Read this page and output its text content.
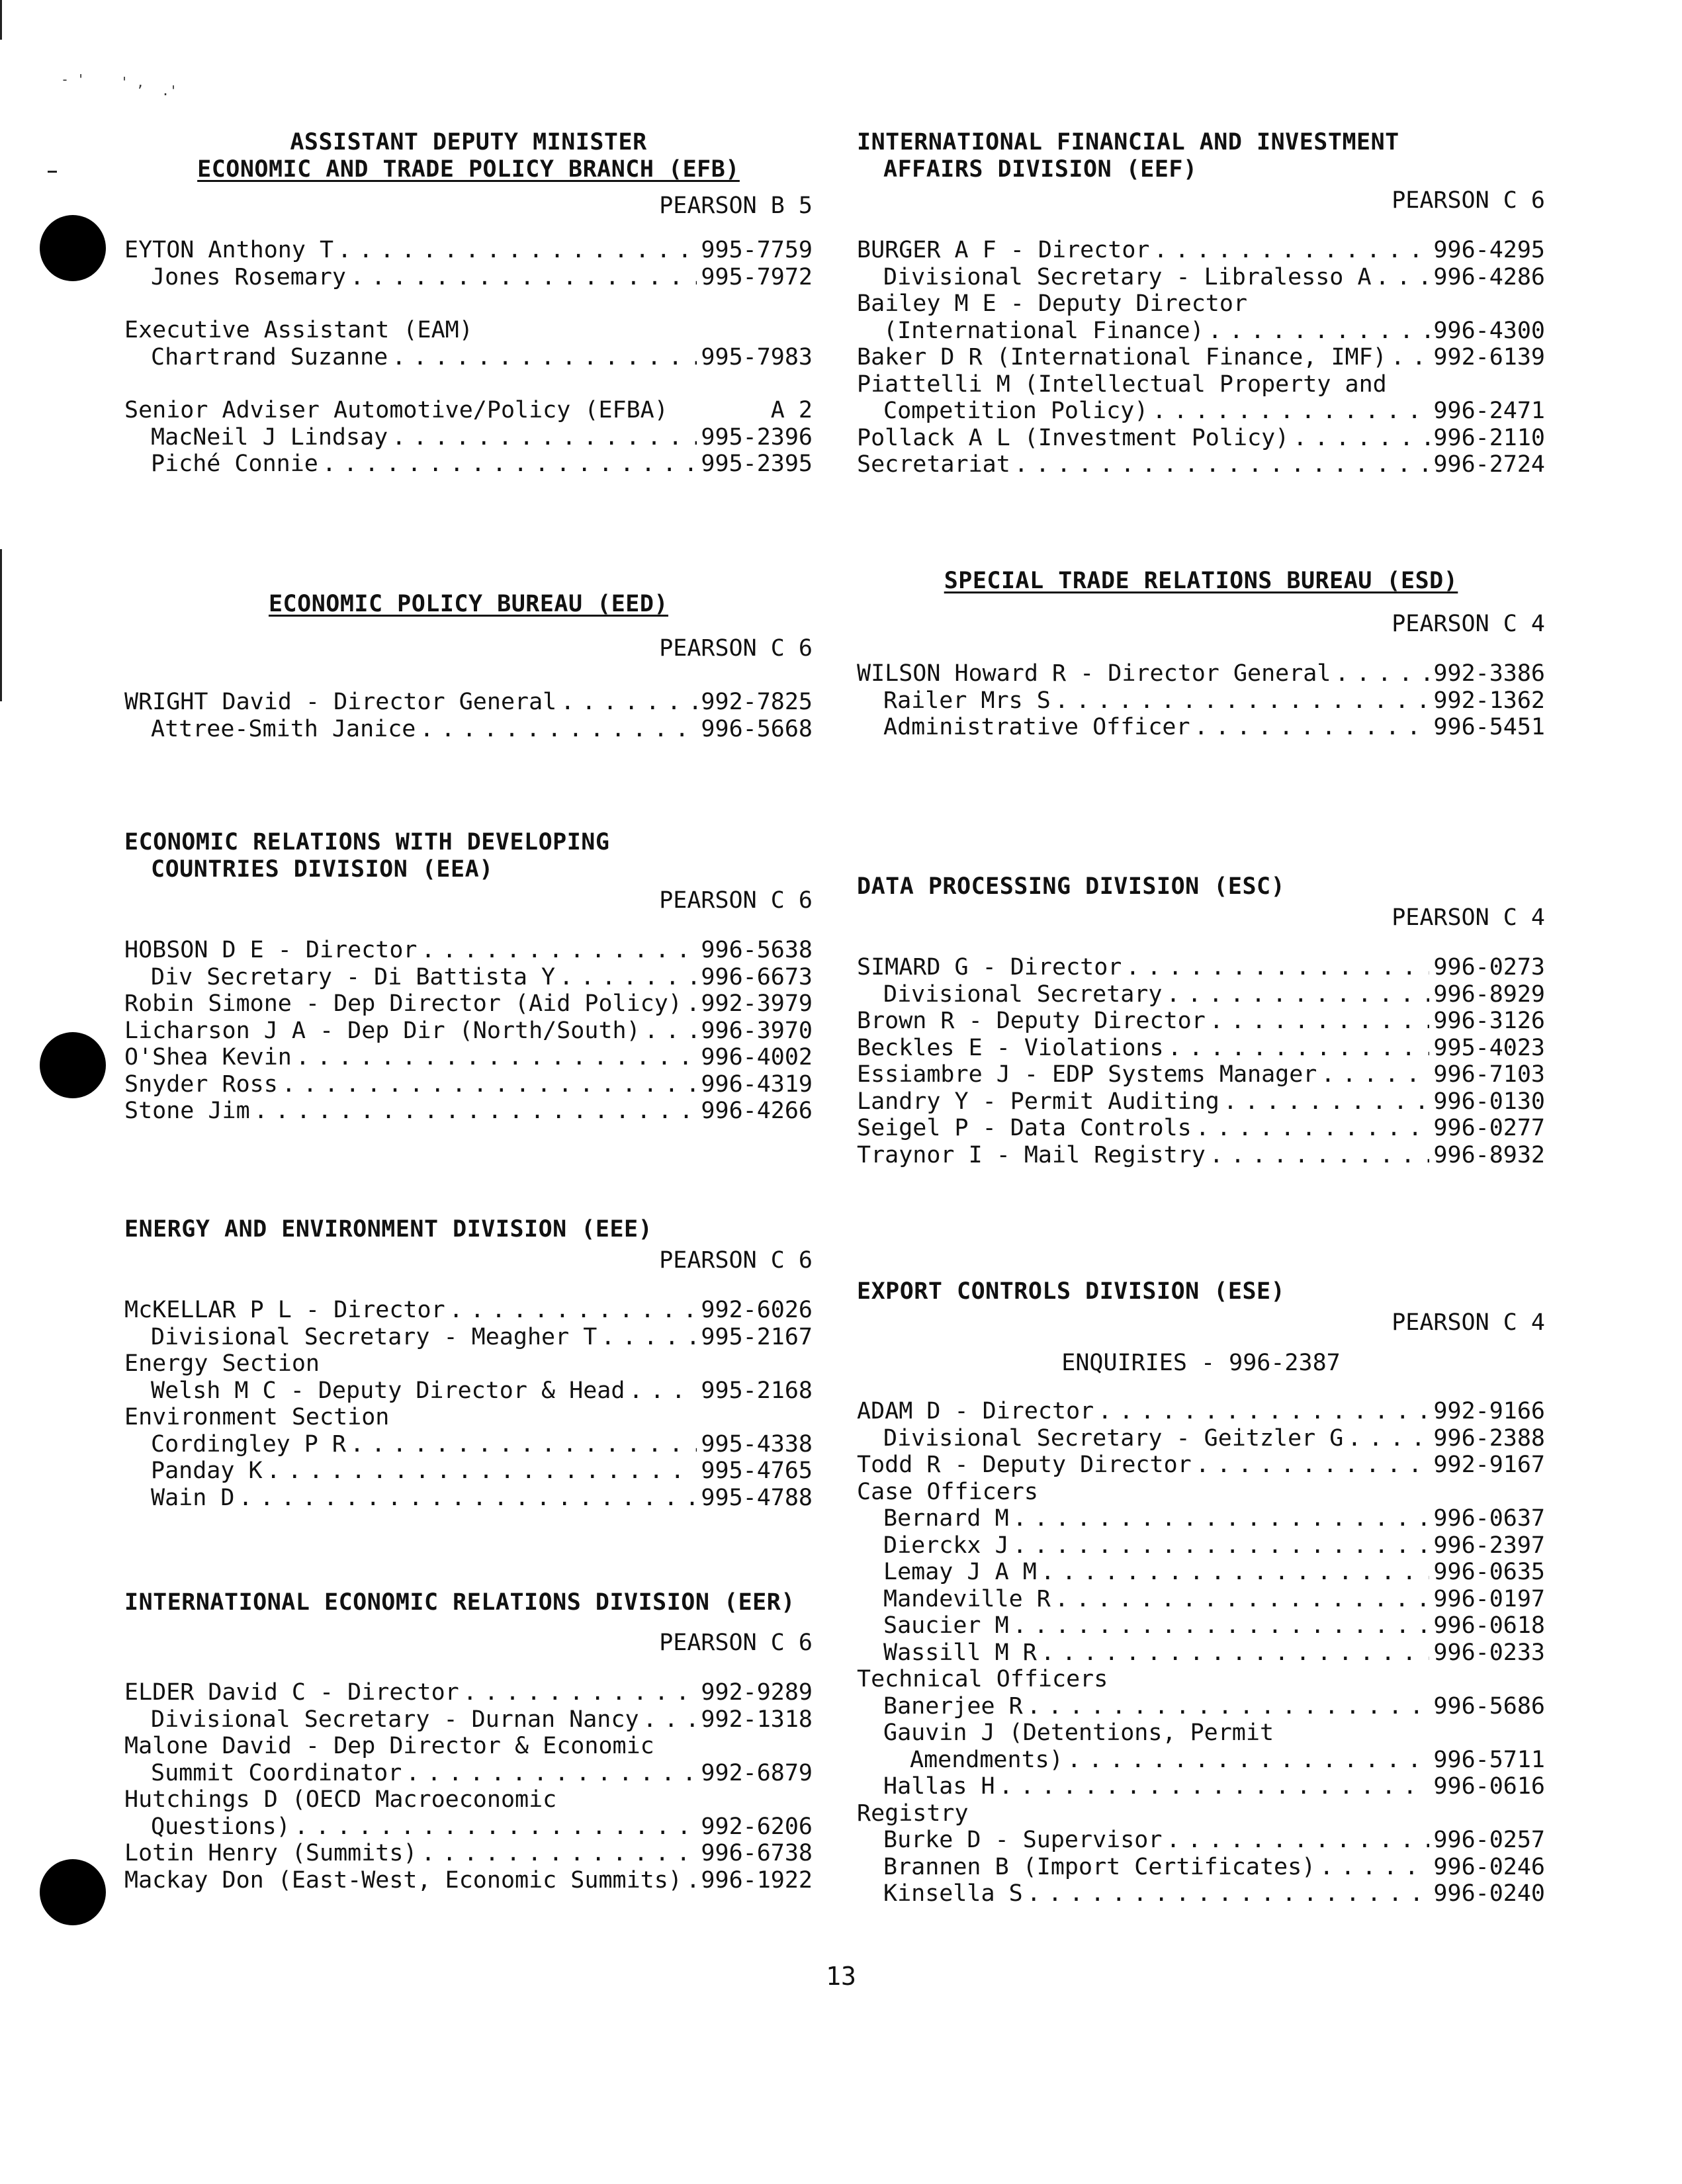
- '	' ,
.'
ASSISTANT DEPUTY MINISTER
ECONOMIC AND TRADE POLICY BRANCH (EFB)
PEARSON B 5
EYTON Anthony T . . .	995-7759
Jones Rosemary . . .	995-7972
Executive Assistant (EAM)
Chartrand Suzanne . . .	995-7983
Senior Adviser Automotive/Policy (EFBA)	A 2
MacNeil J Lindsay . . .	995-2396
Piché Connie . . .	995-2395
ECONOMIC POLICY BUREAU (EED)
PEARSON C 6
WRIGHT David - Director General . . .	992-7825
Attree-Smith Janice . . .	996-5668
ECONOMIC RELATIONS WITH DEVELOPING
COUNTRIES DIVISION (EEA)
PEARSON C 6
HOBSON D E - Director . . .	996-5638
Div Secretary - Di Battista Y . . .	996-6673
Robin Simone - Dep Director (Aid Policy) . . . 992-3979
Licharson J A - Dep Dir (North/South) . . .	996-3970
O'Shea Kevin . . .	996-4002
Snyder Ross . . .	996-4319
Stone Jim . . .	996-4266
ENERGY AND ENVIRONMENT DIVISION (EEE)
PEARSON C 6
McKELLAR P L - Director . . .	992-6026
Divisional Secretary - Meagher T . . .	995-2167
Energy Section
Welsh M C - Deputy Director & Head . . .	995-2168
Environment Section
Cordingley P R . . .	995-4338
Panday K . . .	995-4765
Wain D . . .	995-4788
INTERNATIONAL ECONOMIC RELATIONS DIVISION (EER)
PEARSON C 6
ELDER David C - Director . . .	992-9289
Divisional Secretary - Durnan Nancy . . .	992-1318
Malone David - Dep Director & Economic
Summit Coordinator . . .	992-6879
Hutchings D (OECD Macroeconomic
Questions) . . .	992-6206
Lotin Henry (Summits) . . .	996-6738
Mackay Don (East-West, Economic Summits) . . . 996-1922
INTERNATIONAL FINANCIAL AND INVESTMENT
AFFAIRS DIVISION (EEF)
PEARSON C 6
BURGER A F - Director . . .	996-4295
Divisional Secretary - Libralesso A . . .	996-4286
Bailey M E - Deputy Director
(International Finance) . . .	996-4300
Baker D R (International Finance, IMF) . . . 992-6139
Piattelli M (Intellectual Property and
Competition Policy) . . .	996-2471
Pollack A L (Investment Policy) . . .	996-2110
Secretariat . . .	996-2724
SPECIAL TRADE RELATIONS BUREAU (ESD)
PEARSON C 4
WILSON Howard R - Director General . . .	992-3386
Railer Mrs S . . .	992-1362
Administrative Officer . . .	996-5451
DATA PROCESSING DIVISION (ESC)
PEARSON C 4
SIMARD G - Director . . .	996-0273
Divisional Secretary . . .	996-8929
Brown R - Deputy Director . . .	996-3126
Beckles E - Violations . . .	995-4023
Essiambre J - EDP Systems Manager . . .	996-7103
Landry Y - Permit Auditing . . .	996-0130
Seigel P - Data Controls . . .	996-0277
Traynor I - Mail Registry . . .	996-8932
EXPORT CONTROLS DIVISION (ESE)
PEARSON C 4
ENQUIRIES - 996-2387
ADAM D - Director . . .	992-9166
Divisional Secretary - Geitzler G . . .	996-2388
Todd R - Deputy Director . . .	992-9167
Case Officers
Bernard M . . .	996-0637
Dierckx J . . .	996-2397
Lemay J A M . . .	996-0635
Mandeville R . . .	996-0197
Saucier M . . .	996-0618
Wassill M R . . .	996-0233
Technical Officers
Banerjee R . . .	996-5686
Gauvin J (Detentions, Permit
Amendments) . . .	996-5711
Hallas H . . .	996-0616
Registry
Burke D - Supervisor . . .	996-0257
Brannen B (Import Certificates) . . .	996-0246
Kinsella S . . .	996-0240
13
